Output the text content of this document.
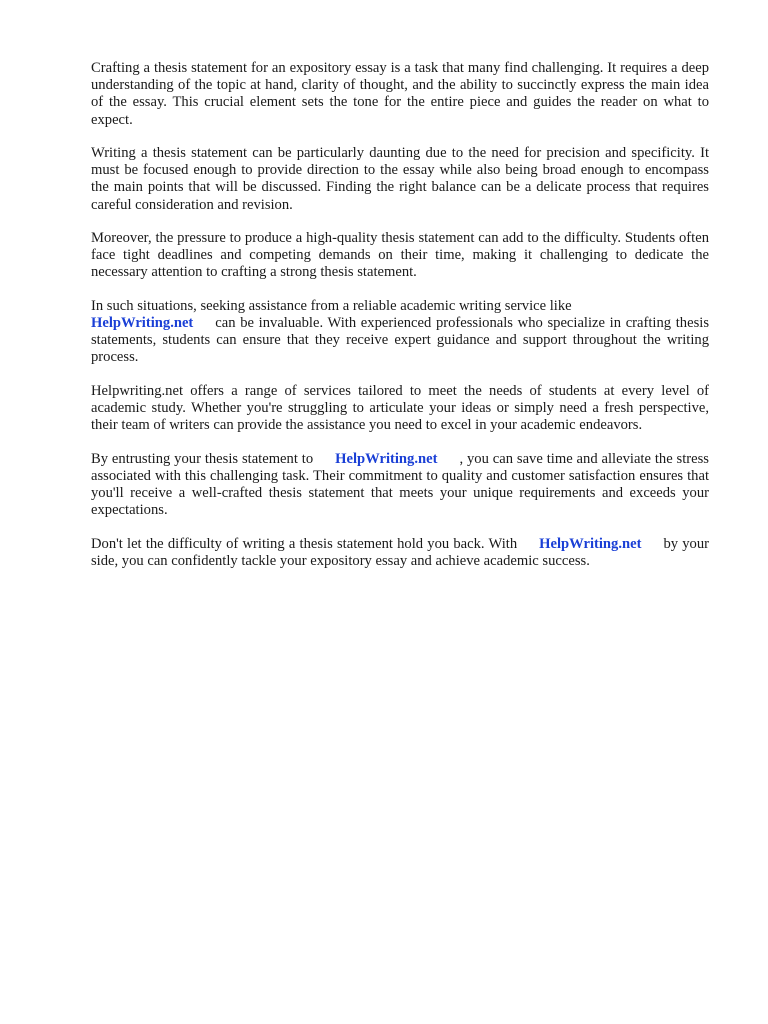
Crafting a thesis statement for an expository essay is a task that many find challenging. It requires a deep understanding of the topic at hand, clarity of thought, and the ability to succinctly express the main idea of the essay. This crucial element sets the tone for the entire piece and guides the reader on what to expect.

Writing a thesis statement can be particularly daunting due to the need for precision and specificity. It must be focused enough to provide direction to the essay while also being broad enough to encompass the main points that will be discussed. Finding the right balance can be a delicate process that requires careful consideration and revision.

Moreover, the pressure to produce a high-quality thesis statement can add to the difficulty. Students often face tight deadlines and competing demands on their time, making it challenging to dedicate the necessary attention to crafting a strong thesis statement.

In such situations, seeking assistance from a reliable academic writing service like
HelpWriting.net can be invaluable. With experienced professionals who specialize in crafting thesis statements, students can ensure that they receive expert guidance and support throughout the writing process.

Helpwriting.net offers a range of services tailored to meet the needs of students at every level of academic study. Whether you're struggling to articulate your ideas or simply need a fresh perspective, their team of writers can provide the assistance you need to excel in your academic endeavors.

By entrusting your thesis statement to HelpWriting.net , you can save time and alleviate the stress associated with this challenging task. Their commitment to quality and customer satisfaction ensures that you'll receive a well-crafted thesis statement that meets your unique requirements and exceeds your expectations.

Don't let the difficulty of writing a thesis statement hold you back. With HelpWriting.net by your side, you can confidently tackle your expository essay and achieve academic success.
